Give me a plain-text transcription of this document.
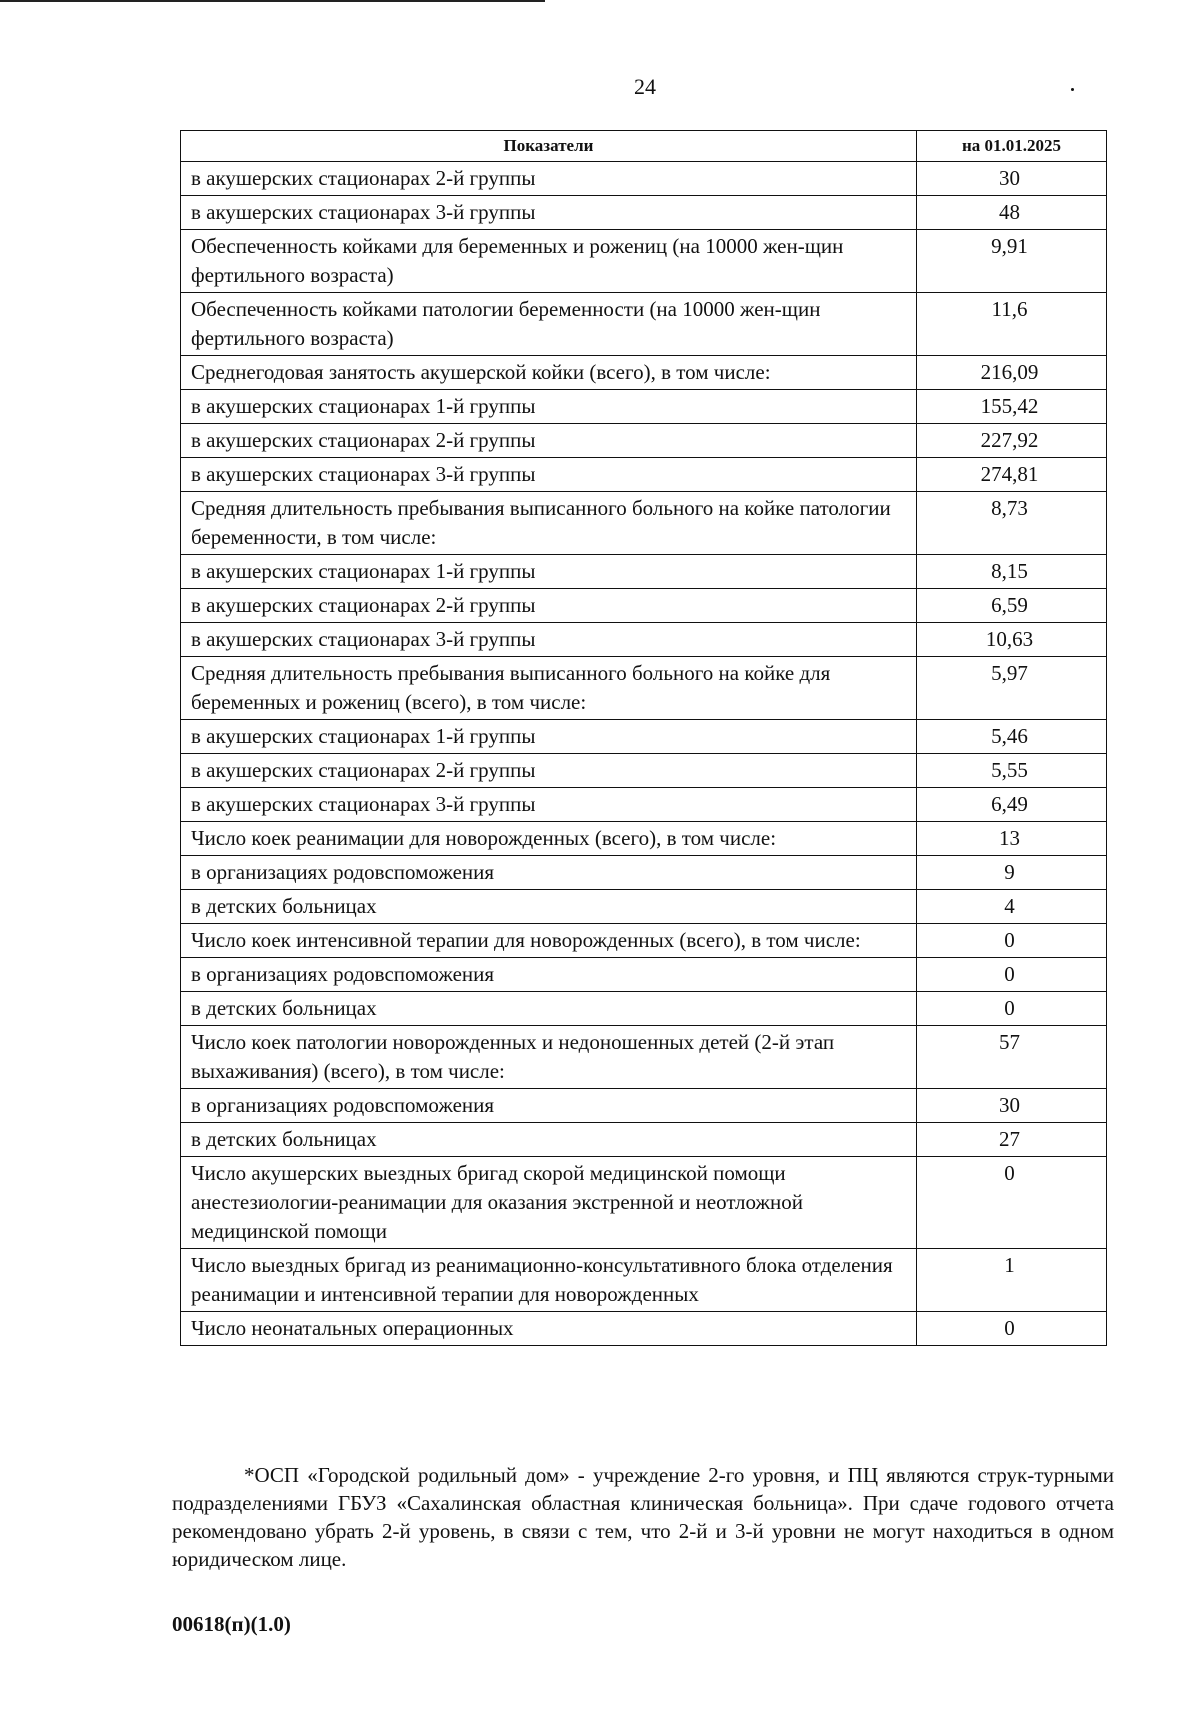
24
Показатели	на 01.01.2025
в акушерских стационарах 2-й группы	30
в акушерских стационарах 3-й группы	48
Обеспеченность койками для беременных и рожениц (на 10000 жен-щин фертильного возраста)	9,91
Обеспеченность койками патологии беременности (на 10000 жен-щин фертильного возраста)	11,6
Среднегодовая занятость акушерской койки (всего), в том числе:	216,09
в акушерских стационарах 1-й группы	155,42
в акушерских стационарах 2-й группы	227,92
в акушерских стационарах 3-й группы	274,81
Средняя длительность пребывания выписанного больного на койке патологии беременности, в том числе:	8,73
в акушерских стационарах 1-й группы	8,15
в акушерских стационарах 2-й группы	6,59
в акушерских стационарах 3-й группы	10,63
Средняя длительность пребывания выписанного больного на койке для беременных и рожениц (всего), в том числе:	5,97
в акушерских стационарах 1-й группы	5,46
в акушерских стационарах 2-й группы	5,55
в акушерских стационарах 3-й группы	6,49
Число коек реанимации для новорожденных (всего), в том числе:	13
в организациях родовспоможения	9
в детских больницах	4
Число коек интенсивной терапии для новорожденных (всего), в том числе:	0
в организациях родовспоможения	0
в детских больницах	0
Число коек патологии новорожденных и недоношенных детей (2-й этап выхаживания) (всего), в том числе:	57
в организациях родовспоможения	30
в детских больницах	27
Число акушерских выездных бригад скорой медицинской помощи анестезиологии-реанимации для оказания экстренной и неотложной медицинской помощи	0
Число выездных бригад из реанимационно-консультативного блока отделения реанимации и интенсивной терапии для новорожденных	1
Число неонатальных операционных	0

*ОСП «Городской родильный дом» - учреждение 2-го уровня, и ПЦ являются струк-турными подразделениями ГБУЗ «Сахалинская областная клиническая больница». При сдаче годового отчета рекомендовано убрать 2-й уровень, в связи с тем, что 2-й и 3-й уровни не могут находиться в одном юридическом лице.

00618(п)(1.0)
